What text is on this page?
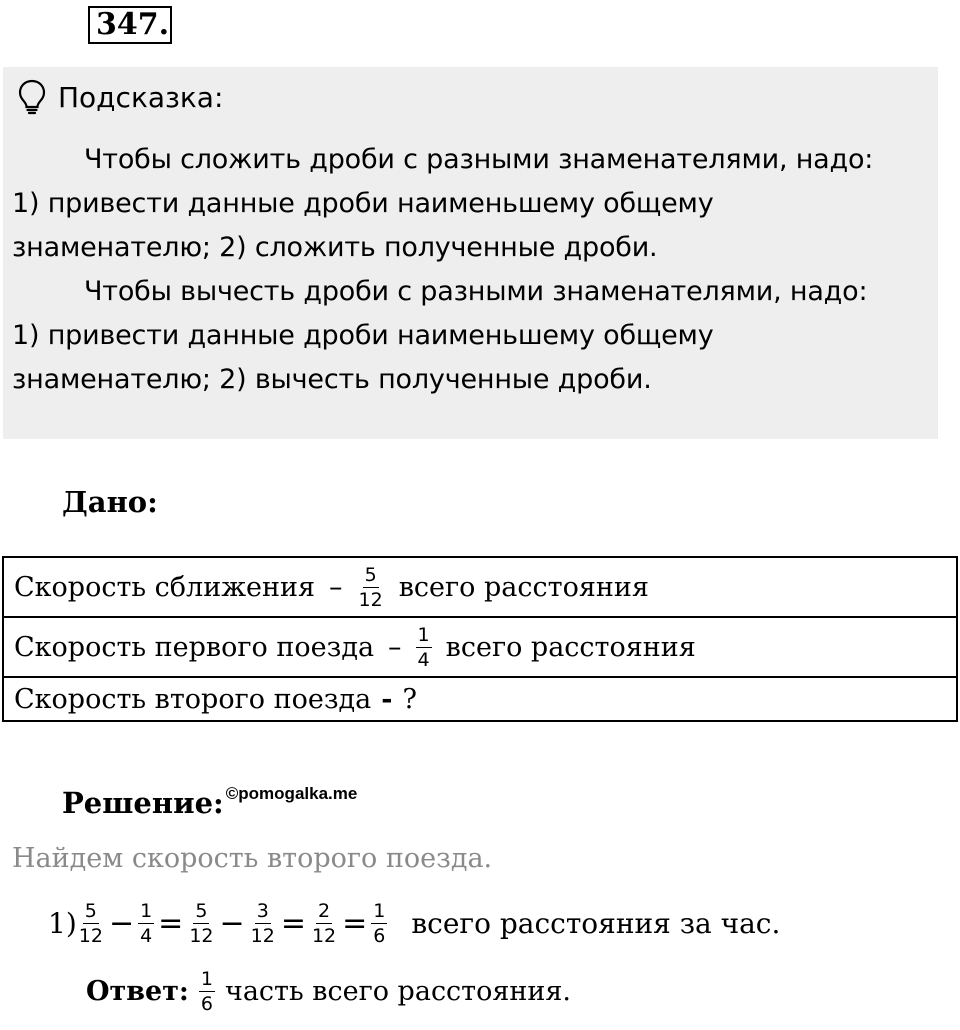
347.
Подсказка:
Чтобы сложить дроби с разными знаменателями, надо:
1) привести данные дроби наименьшему общему
знаменателю; 2) сложить полученные дроби.
Чтобы вычесть дроби с разными знаменателями, надо:
1) привести данные дроби наименьшему общему
знаменателю; 2) вычесть полученные дроби.
Дано:
Скорость сближения – $\frac{5}{12}$ всего расстояния

Скорость первого поезда – $\frac{1}{4}$ всего расстояния

Скорость второго поезда - ?
Решение: ©pomogalka.me
Найдем скорость второго поезда.
$1) \frac{5}{12} - \frac{1}{4} = \frac{5}{12} - \frac{3}{12} = \frac{2}{12} = \frac{1}{6}$ всего расстояния за час.
Ответ: $\frac{1}{6}$ часть всего расстояния.
